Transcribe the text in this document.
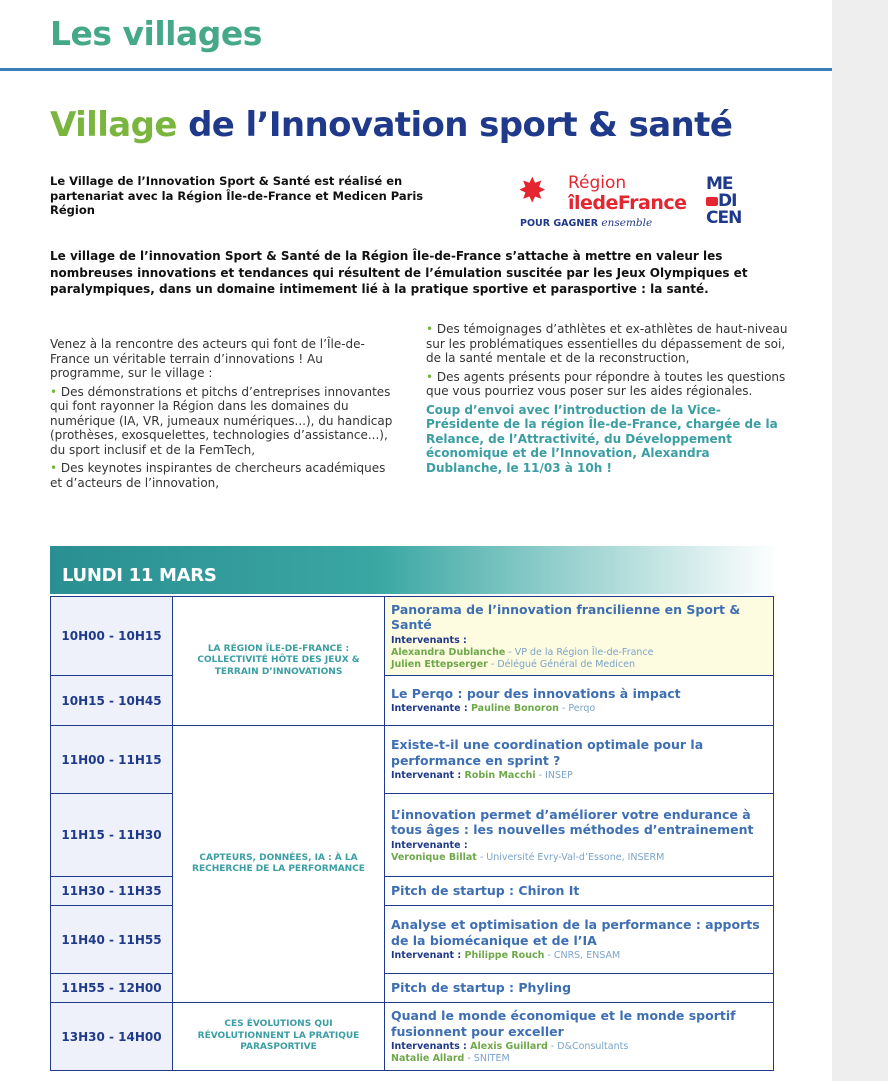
Les villages
Village de l’Innovation sport & santé

Le Village de l’Innovation Sport & Santé est réalisé en partenariat avec la Région Île-de-France et Medicen Paris Région	✸ Région
îledeFrance
POUR GAGNER ensemble
ME
DI
CEN

Le village de l’innovation Sport & Santé de la Région Île-de-France s’attache à mettre en valeur les nombreuses innovations et tendances qui résultent de l’émulation suscitée par les Jeux Olympiques et paralympiques, dans un domaine intimement lié à la pratique sportive et parasportive : la santé.

Venez à la rencontre des acteurs qui font de l’Île-de-France un véritable terrain d’innovations ! Au programme, sur le village :

• Des démonstrations et pitchs d’entreprises innovantes qui font rayonner la Région dans les domaines du numérique (IA, VR, jumeaux numériques...), du handicap (prothèses, exosquelettes, technologies d’assistance...), du sport inclusif et de la FemTech,

• Des keynotes inspirantes de chercheurs académiques et d’acteurs de l’innovation,

• Des témoignages d’athlètes et ex-athlètes de haut-niveau sur les problématiques essentielles du dépassement de soi, de la santé mentale et de la reconstruction,

• Des agents présents pour répondre à toutes les questions que vous pourriez vous poser sur les aides régionales.

Coup d’envoi avec l’introduction de la Vice-Présidente de la région Île-de-France, chargée de la Relance, de l’Attractivité, du Développement économique et de l’Innovation, Alexandra Dublanche, le 11/03 à 10h !

LUNDI 11 MARS
10H00 - 10H15	LA RÉGION ÎLE-DE-FRANCE : COLLECTIVITÉ HÔTE DES JEUX & TERRAIN D’INNOVATIONS	Panorama de l’innovation francilienne en Sport & Santé
Intervenants :
Alexandra Dublanche - VP de la Région Île-de-France
Julien Ettepserger - Délégué Général de Medicen

10H15 - 10H45		Le Perqo : pour des innovations à impact
Intervenante : Pauline Bonoron - Perqo

11H00 - 11H15	CAPTEURS, DONNÉES, IA : À LA RECHERCHE DE LA PERFORMANCE	Existe-t-il une coordination optimale pour la performance en sprint ?
Intervenant : Robin Macchi - INSEP

11H15 - 11H30		L’innovation permet d’améliorer votre endurance à tous âges : les nouvelles méthodes d’entrainement
Intervenante :
Veronique Billat - Université Evry-Val-d’Essone, INSERM

11H30 - 11H35		Pitch de startup : Chiron It

11H40 - 11H55		Analyse et optimisation de la performance : apports de la biomécanique et de l’IA
Intervenant : Philippe Rouch - CNRS, ENSAM

11H55 - 12H00		Pitch de startup : Phyling

13H30 - 14H00	CES ÉVOLUTIONS QUI RÉVOLUTIONNENT LA PRATIQUE PARASPORTIVE	Quand le monde économique et le monde sportif fusionnent pour exceller
Intervenants : Alexis Guillard - D&Consultants
Natalie Allard - SNITEM
